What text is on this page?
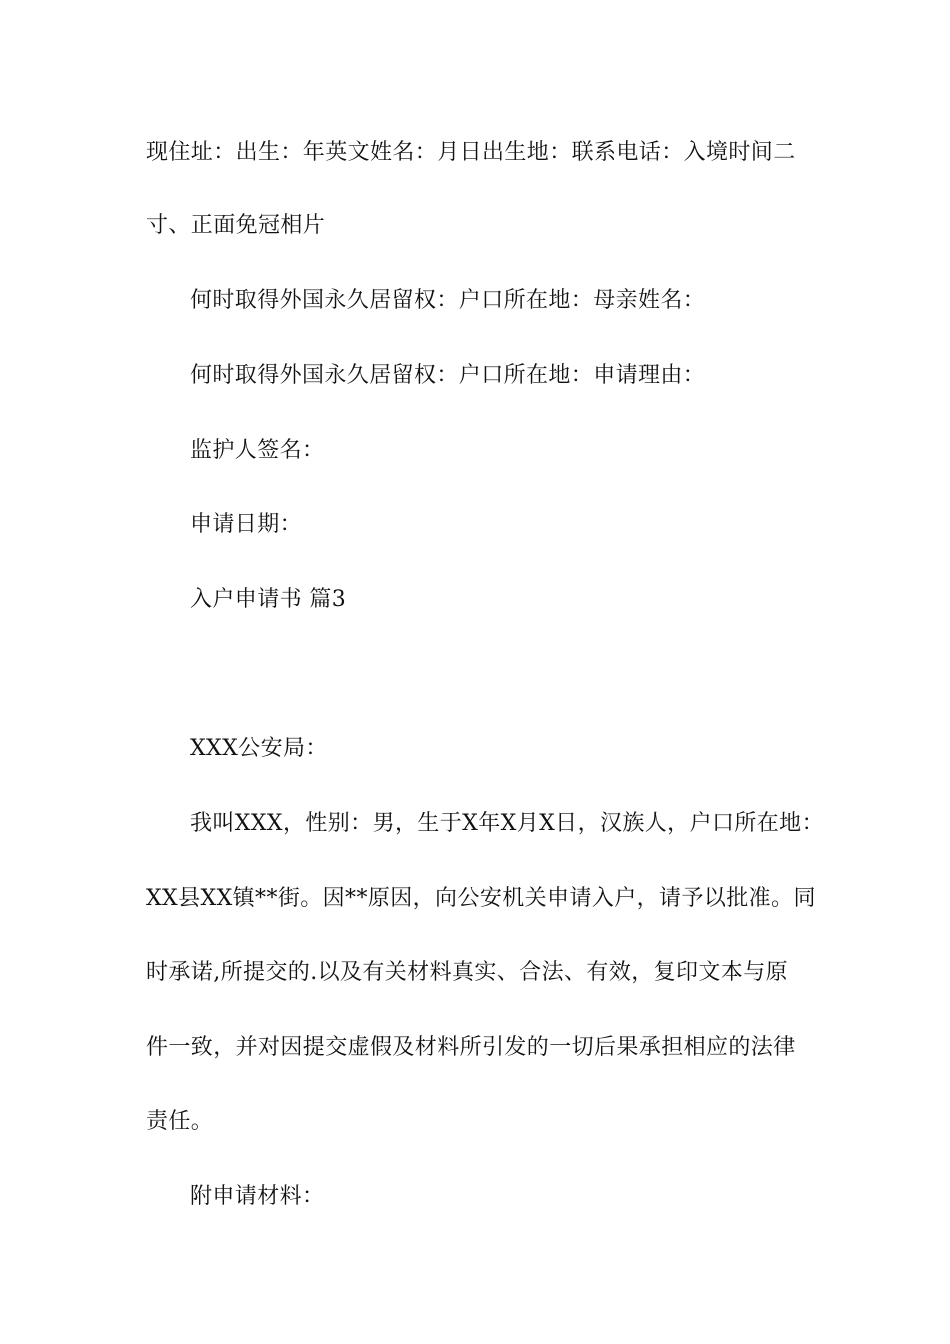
现住址：出生：年英文姓名：月日出生地：联系电话：入境时间二
寸、正面免冠相片
何时取得外国永久居留权：户口所在地：母亲姓名：
何时取得外国永久居留权：户口所在地：申请理由：
监护人签名：
申请日期：
入户申请书 篇3
XXX公安局：
我叫XXX，性别：男，生于X年X月X日，汉族人，户口所在地：
XX县XX镇**街。因**原因，向公安机关申请入户，请予以批准。同
时承诺,所提交的.以及有关材料真实、合法、有效，复印文本与原
件一致，并对因提交虚假及材料所引发的一切后果承担相应的法律
责任。
附申请材料：
